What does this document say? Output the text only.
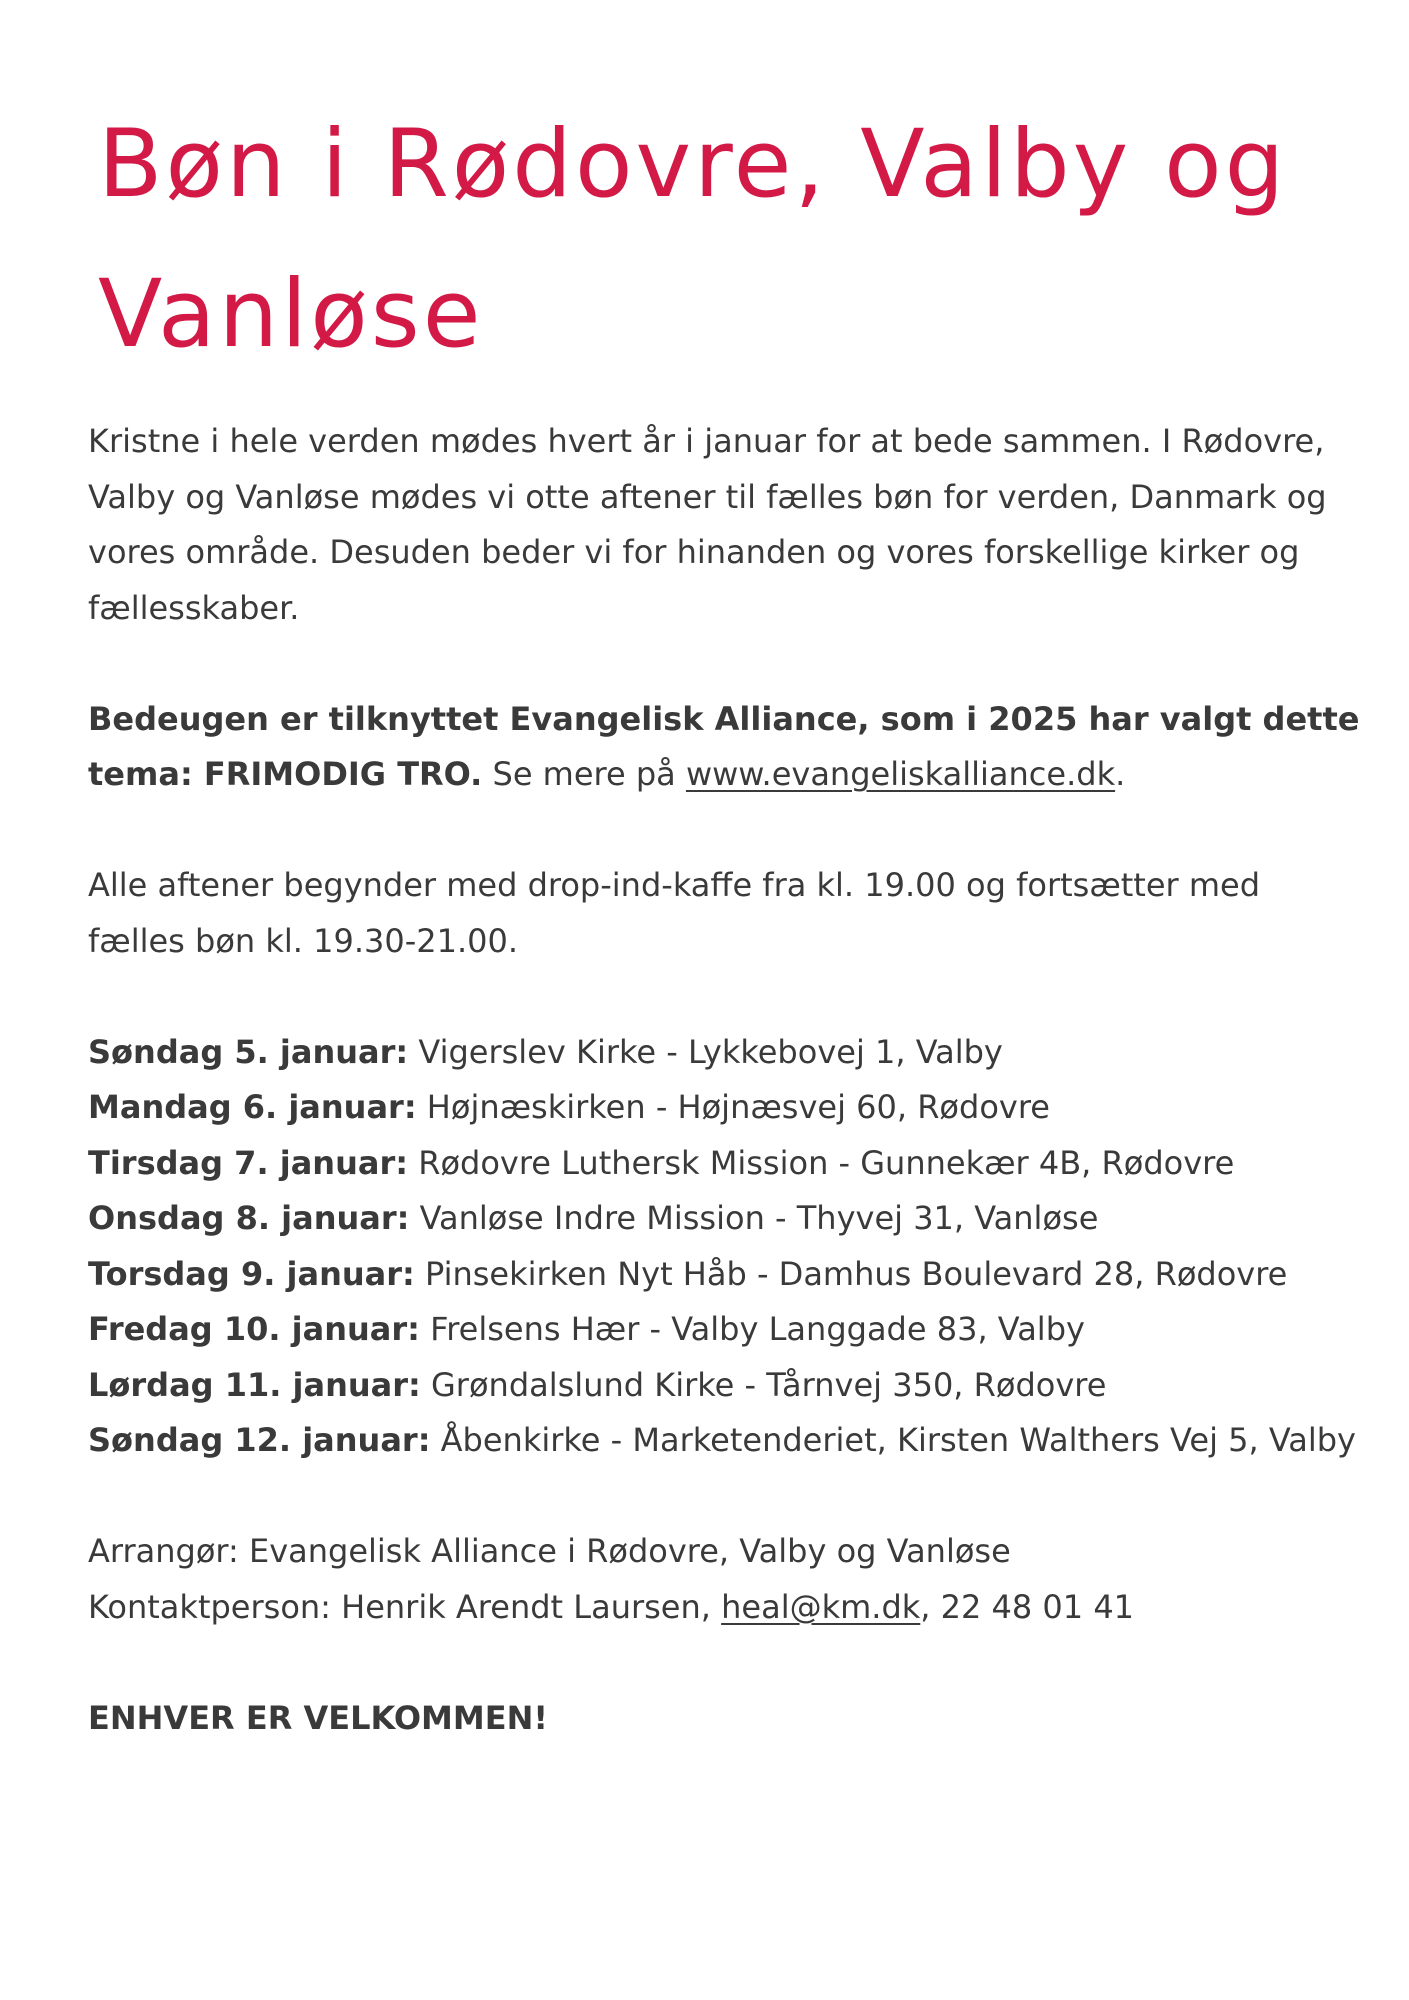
Bøn i Rødovre, Valby og
Vanløse

Kristne i hele verden mødes hvert år i januar for at bede sammen. I Rødovre,
Valby og Vanløse mødes vi otte aftener til fælles bøn for verden, Danmark og
vores område. Desuden beder vi for hinanden og vores forskellige kirker og
fællesskaber.

Bedeugen er tilknyttet Evangelisk Alliance, som i 2025 har valgt dette
tema: FRIMODIG TRO. Se mere på www.evangeliskalliance.dk.

Alle aftener begynder med drop-ind-kaffe fra kl. 19.00 og fortsætter med
fælles bøn kl. 19.30-21.00.

Søndag 5. januar: Vigerslev Kirke - Lykkebovej 1, Valby
Mandag 6. januar: Højnæskirken - Højnæsvej 60, Rødovre
Tirsdag 7. januar: Rødovre Luthersk Mission - Gunnekær 4B, Rødovre
Onsdag 8. januar: Vanløse Indre Mission - Thyvej 31, Vanløse
Torsdag 9. januar: Pinsekirken Nyt Håb - Damhus Boulevard 28, Rødovre
Fredag 10. januar: Frelsens Hær - Valby Langgade 83, Valby
Lørdag 11. januar: Grøndalslund Kirke - Tårnvej 350, Rødovre
Søndag 12. januar: Åbenkirke - Marketenderiet, Kirsten Walthers Vej 5, Valby

Arrangør: Evangelisk Alliance i Rødovre, Valby og Vanløse
Kontaktperson: Henrik Arendt Laursen, heal@km.dk, 22 48 01 41

ENHVER ER VELKOMMEN!
